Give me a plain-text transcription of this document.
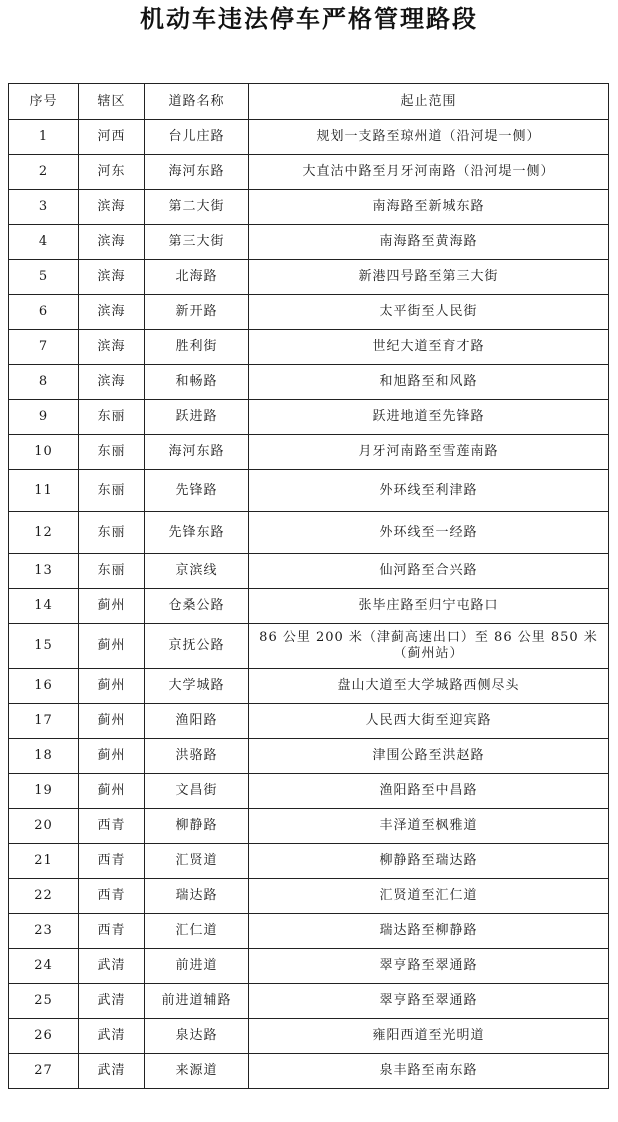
机动车违法停车严格管理路段
序号	辖区	道路名称	起止范围
1	河西	台儿庄路	规划一支路至琼州道（沿河堤一侧）
2	河东	海河东路	大直沽中路至月牙河南路（沿河堤一侧）
3	滨海	第二大街	南海路至新城东路
4	滨海	第三大街	南海路至黄海路
5	滨海	北海路	新港四号路至第三大街
6	滨海	新开路	太平街至人民街
7	滨海	胜利街	世纪大道至育才路
8	滨海	和畅路	和旭路至和风路
9	东丽	跃进路	跃进地道至先锋路
10	东丽	海河东路	月牙河南路至雪莲南路
11	东丽	先锋路	外环线至利津路
12	东丽	先锋东路	外环线至一经路
13	东丽	京滨线	仙河路至合兴路
14	蓟州	仓桑公路	张毕庄路至归宁屯路口
15	蓟州	京抚公路	86 公里 200 米（津蓟高速出口）至 86 公里 850 米（蓟州站）
16	蓟州	大学城路	盘山大道至大学城路西侧尽头
17	蓟州	渔阳路	人民西大街至迎宾路
18	蓟州	洪骆路	津围公路至洪赵路
19	蓟州	文昌街	渔阳路至中昌路
20	西青	柳静路	丰泽道至枫雅道
21	西青	汇贤道	柳静路至瑞达路
22	西青	瑞达路	汇贤道至汇仁道
23	西青	汇仁道	瑞达路至柳静路
24	武清	前进道	翠亨路至翠通路
25	武清	前进道辅路	翠亨路至翠通路
26	武清	泉达路	雍阳西道至光明道
27	武清	来源道	泉丰路至南东路
